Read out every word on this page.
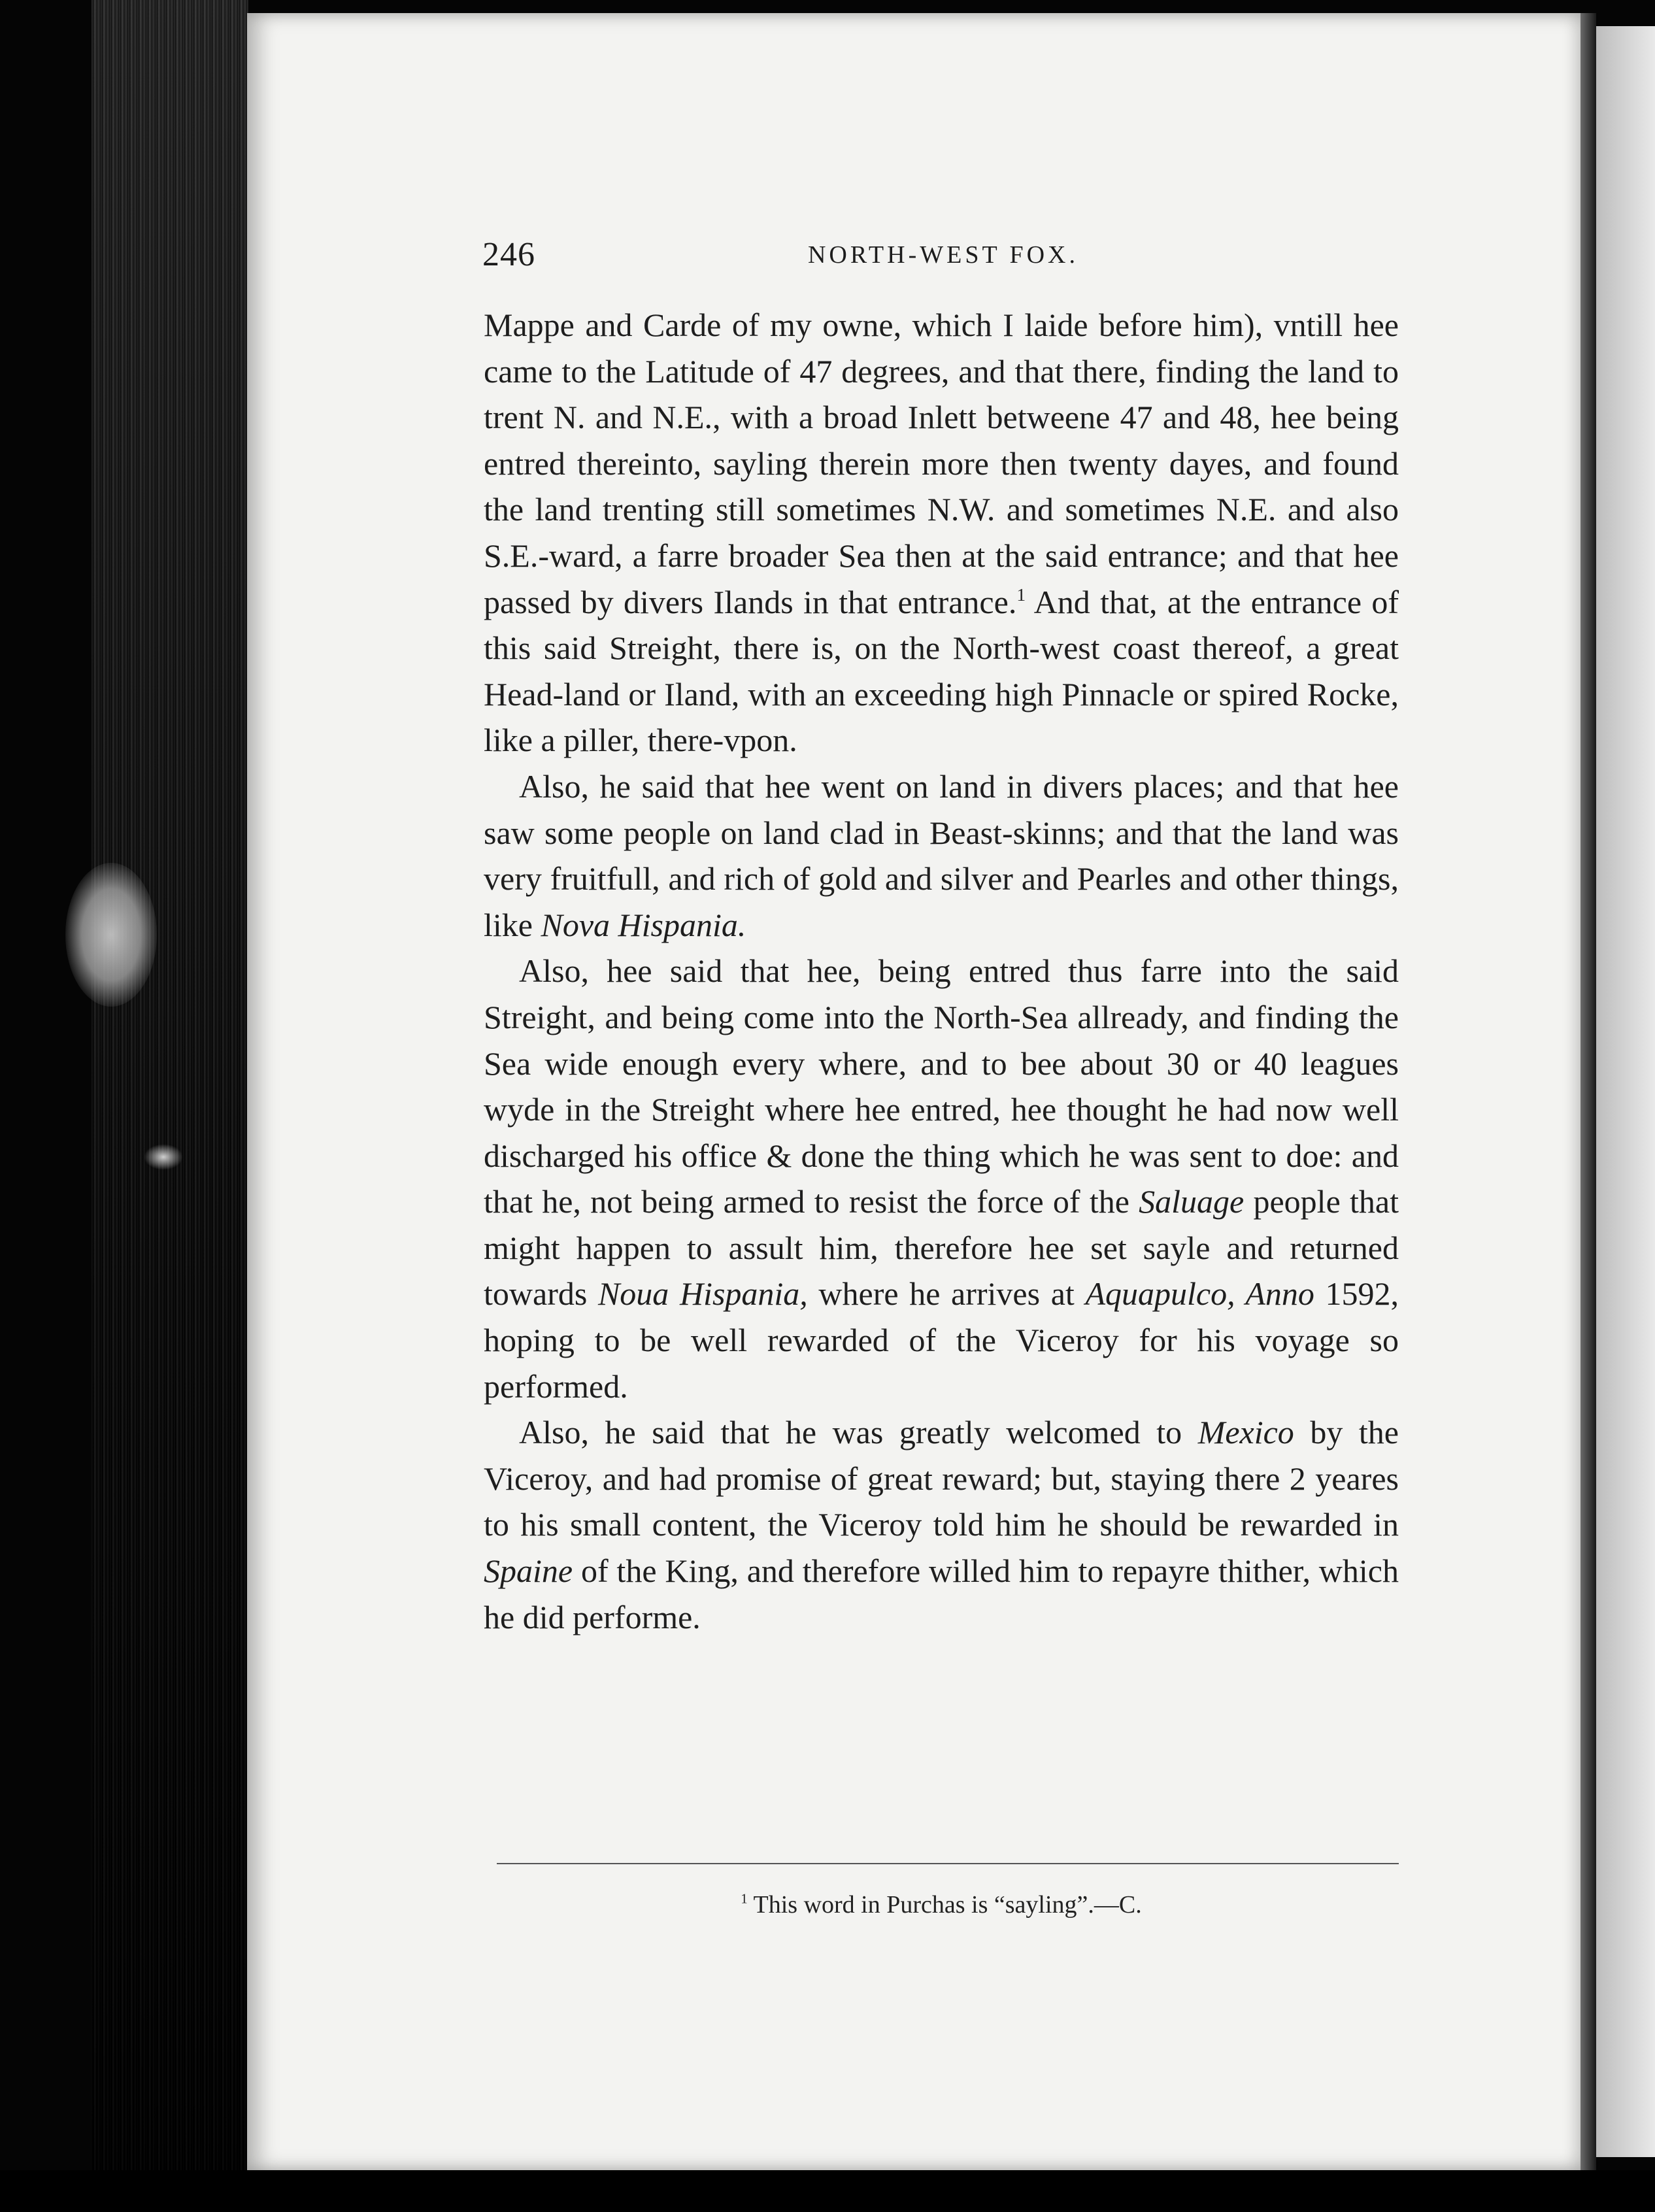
246	NORTH-WEST FOX.

Mappe and Carde of my owne, which I laide before him), vntill hee came to the Latitude of 47 degrees, and that there, finding the land to trent N. and N.E., with a broad Inlett betweene 47 and 48, hee being entred thereinto, sayling therein more then twenty dayes, and found the land trenting still sometimes N.W. and sometimes N.E. and also S.E.-ward, a farre broader Sea then at the said entrance; and that hee passed by divers Ilands in that entrance.$^1$ And that, at the entrance of this said Streight, there is, on the North-west coast thereof, a great Head-land or Iland, with an exceeding high Pinnacle or spired Rocke, like a piller, there-vpon.

Also, he said that hee went on land in divers places; and that hee saw some people on land clad in Beast-skinns; and that the land was very fruitfull, and rich of gold and silver and Pearles and other things, like Nova Hispania.

Also, hee said that hee, being entred thus farre into the said Streight, and being come into the North-Sea allready, and finding the Sea wide enough every where, and to bee about 30 or 40 leagues wyde in the Streight where hee entred, hee thought he had now well discharged his office & done the thing which he was sent to doe: and that he, not being armed to resist the force of the Saluage people that might happen to assult him, therefore hee set sayle and returned towards Noua Hispania, where he arrives at Aquapulco, Anno 1592, hoping to be well rewarded of the Viceroy for his voyage so performed.

Also, he said that he was greatly welcomed to Mexico by the Viceroy, and had promise of great reward; but, staying there 2 yeares to his small content, the Viceroy told him he should be rewarded in Spaine of the King, and therefore willed him to repayre thither, which he did performe.

$^1$ This word in Purchas is “sayling”.—C.
